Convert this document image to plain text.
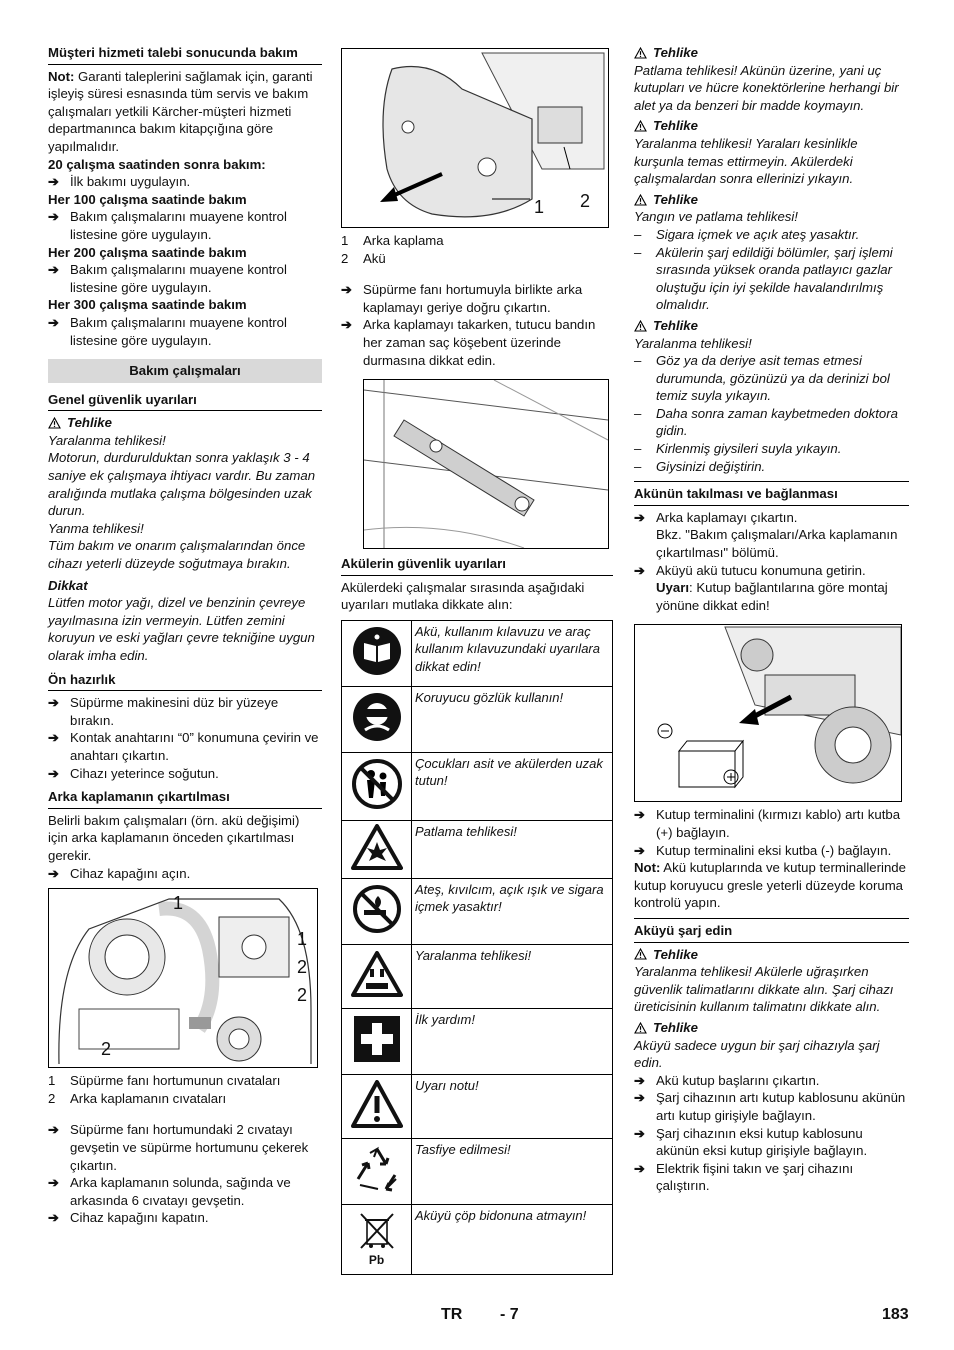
Müşteri hizmeti talebi sonucunda bakım

Not: Garanti taleplerini sağlamak için, garanti işleyiş süresi esnasında tüm servis ve bakım çalışmaları yetkili Kärcher-müşteri hizmeti departmanınca bakım kitapçığına göre yapılmalıdır.

20 çalışma saatinden sonra bakım:

➔ İlk bakımı uygulayın.

Her 100 çalışma saatinde bakım

➔ Bakım çalışmalarını muayene kontrol listesine göre uygulayın.

Her 200 çalışma saatinde bakım

➔ Bakım çalışmalarını muayene kontrol listesine göre uygulayın.

Her 300 çalışma saatinde bakım

➔ Bakım çalışmalarını muayene kontrol listesine göre uygulayın.
Bakım çalışmaları

Genel güvenlik uyarıları

Tehlike

Yaralanma tehlikesi!

Motorun, durdurulduktan sonra yaklaşık 3 - 4 saniye ek çalışmaya ihtiyacı vardır. Bu zaman aralığında mutlaka çalışma bölgesinden uzak durun.

Yanma tehlikesi!

Tüm bakım ve onarım çalışmalarından önce cihazı yeterli düzeyde soğutmaya bırakın.

Dikkat

Lütfen motor yağı, dizel ve benzinin çevreye yayılmasına izin vermeyin. Lütfen zemini koruyun ve eski yağları çevre tekniğine uygun olarak imha edin.

Ön hazırlık

➔ Süpürme makinesini düz bir yüzeye bırakın.
➔ Kontak anahtarını “0” konumuna çevirin ve anahtarı çıkartın.
➔ Cihazı yeterince soğutun.

Arka kaplamanın çıkartılması

Belirli bakım çalışmaları (örn. akü değişimi) için arka kaplamanın önceden çıkartılması gerekir.

➔ Cihaz kapağını açın.
1
1
2
2
2
1	Süpürme fanı hortumunun cıvataları
2	Arka kaplamanın cıvataları
➔ Süpürme fanı hortumundaki 2 cıvatayı gevşetin ve süpürme hortumunu çekerek çıkartın.
➔ Arka kaplamanın solunda, sağında ve arkasında 6 cıvatayı gevşetin.
➔ Cihaz kapağını kapatın.
1 2
1	Arka kaplama
2	Akü
➔ Süpürme fanı hortumuyla birlikte arka kaplamayı geriye doğru çıkartın.
➔ Arka kaplamayı takarken, tutucu bandın her zaman saç köşebent üzerinde durmasına dikkat edin.

Akülerin güvenlik uyarıları

Akülerdeki çalışmalar sırasında aşağıdaki uyarıları mutlaka dikkate alın:

	Akü, kullanım kılavuzu ve araç kullanım kılavuzundaki uyarılara dikkat edin!
	Koruyucu gözlük kullanın!
	Çocukları asit ve akülerden uzak tutun!
	Patlama tehlikesi!
	Ateş, kıvılcım, açık ışık ve sigara içmek yasaktır!
	Yaralanma tehlikesi!
	İlk yardım!
	Uyarı notu!
	Tasfiye edilmesi!

Pb	Aküyü çöp bidonuna atmayın!
Tehlike

Patlama tehlikesi! Akünün üzerine, yani uç kutupları ve hücre konektörlerine herhangi bir alet ya da benzeri bir madde koymayın.

Tehlike

Yaralanma tehlikesi! Yaraları kesinlikle kurşunla temas ettirmeyin. Akülerdeki çalışmalardan sonra ellerinizi yıkayın.

Tehlike

Yangın ve patlama tehlikesi!

–	Sigara içmek ve açık ateş yasaktır.
–	Akülerin şarj edildiği bölümler, şarj işlemi sırasında yüksek oranda patlayıcı gazlar oluştuğu için iyi şekilde havalandırılmış olmalıdır.
Tehlike

Yaralanma tehlikesi!

–	Göz ya da deriye asit temas etmesi durumunda, gözünüzü ya da derinizi bol temiz suyla yıkayın.
–	Daha sonra zaman kaybetmeden doktora gidin.
–	Kirlenmiş giysileri suyla yıkayın.
–	Giysinizi değiştirin.

Akünün takılması ve bağlanması

➔ Arka kaplamayı çıkartın.

Bkz. "Bakım çalışmaları/Arka kaplamanın çıkartılması" bölümü.

➔ Aküyü akü tutucu konumuna getirin.

Uyarı: Kutup bağlantılarına göre montaj yönüne dikkat edin!

➔ Kutup terminalini (kırmızı kablo) artı kutba (+) bağlayın.
➔ Kutup terminalini eksi kutba (-) bağlayın.

Not: Akü kutuplarında ve kutup terminallerinde kutup koruyucu gresle yeterli düzeyde koruma kontrolü yapın.

Aküyü şarj edin

Tehlike

Yaralanma tehlikesi! Akülerle uğraşırken güvenlik talimatlarını dikkate alın. Şarj cihazı üreticisinin kullanım talimatını dikkate alın.

Tehlike

Aküyü sadece uygun bir şarj cihazıyla şarj edin.

➔ Akü kutup başlarını çıkartın.
➔ Şarj cihazının artı kutup kablosunu akünün artı kutup girişiyle bağlayın.
➔ Şarj cihazının eksi kutup kablosunu akünün eksi kutup girişiyle bağlayın.
➔ Elektrik fişini takın ve şarj cihazını çalıştırın.
TR - 7	183
